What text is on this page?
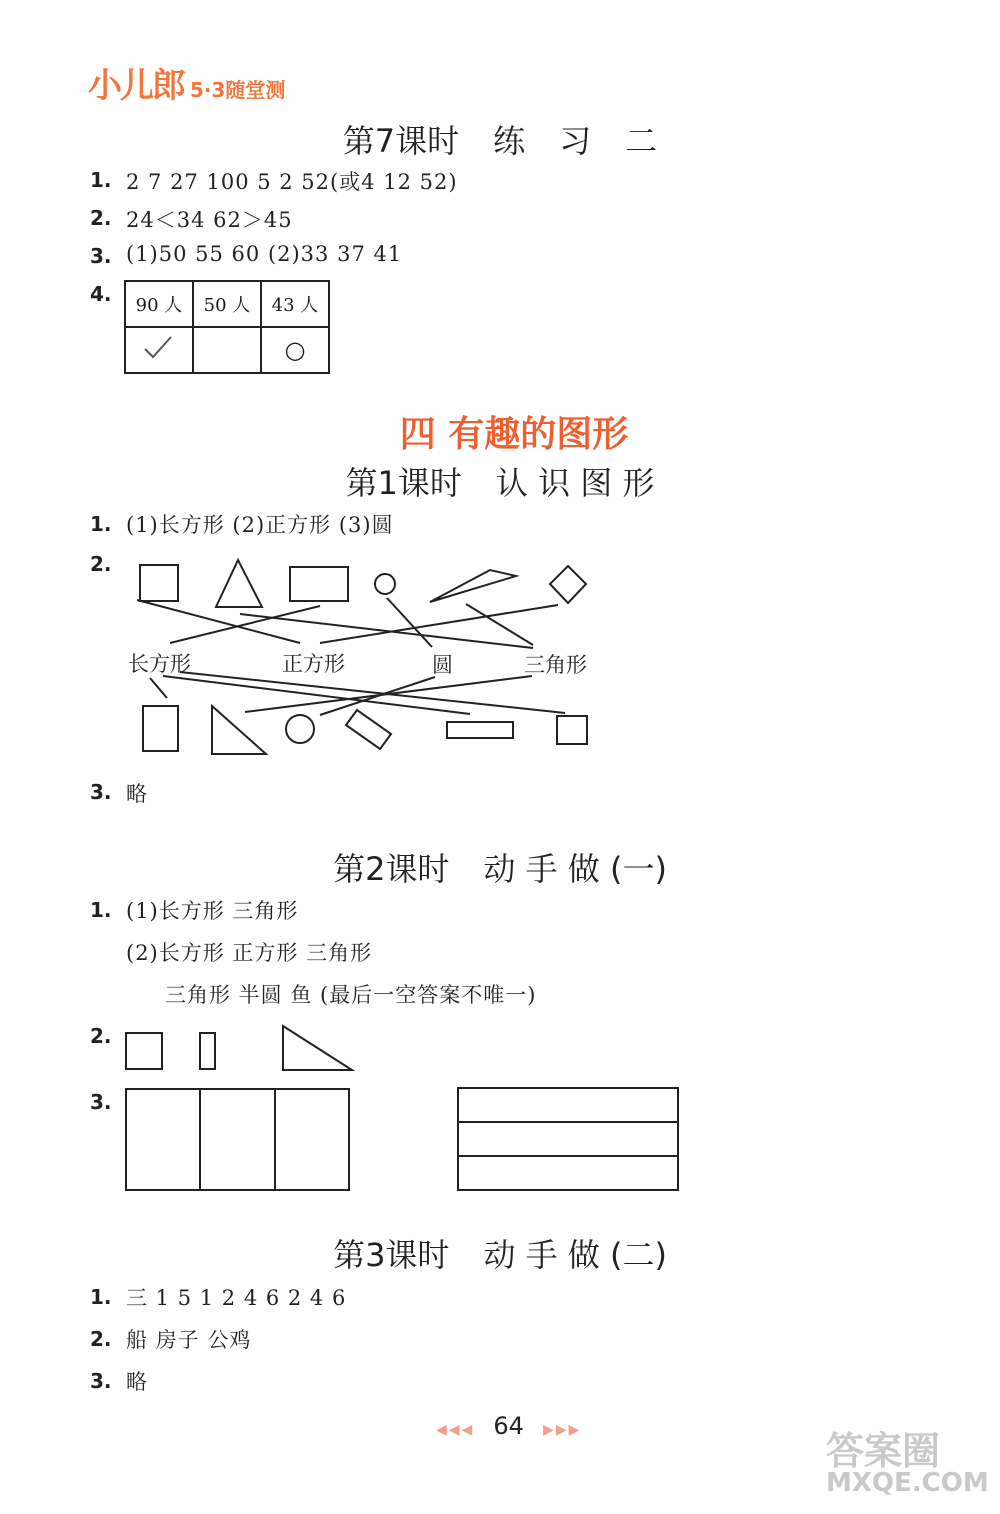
小儿郎 5·3随堂测
第7课时 练 习 二
1. 2 7 27 100 5 2 52(或4 12 52)
2. 24＜34 62＞45
3. (1)50 55 60 (2)33 37 41
4. 90 人	50 人	43 人
		○
四 有趣的图形
第1课时 认 识 图 形
1. (1)长方形 (2)正方形 (3)圆
2.
长方形	正方形	圆	三角形
3. 略
第2课时 动 手 做 (一)
1. (1)长方形 三角形
(2)长方形 正方形 三角形
三角形 半圆 鱼 (最后一空答案不唯一)
2.
3.
第3课时 动 手 做 (二)
1. 三 1 5 1 2 4 6 2 4 6
2. 船 房子 公鸡
3. 略
◀◀◀ 64 ▶▶▶	答案圈
MXQE.COM
